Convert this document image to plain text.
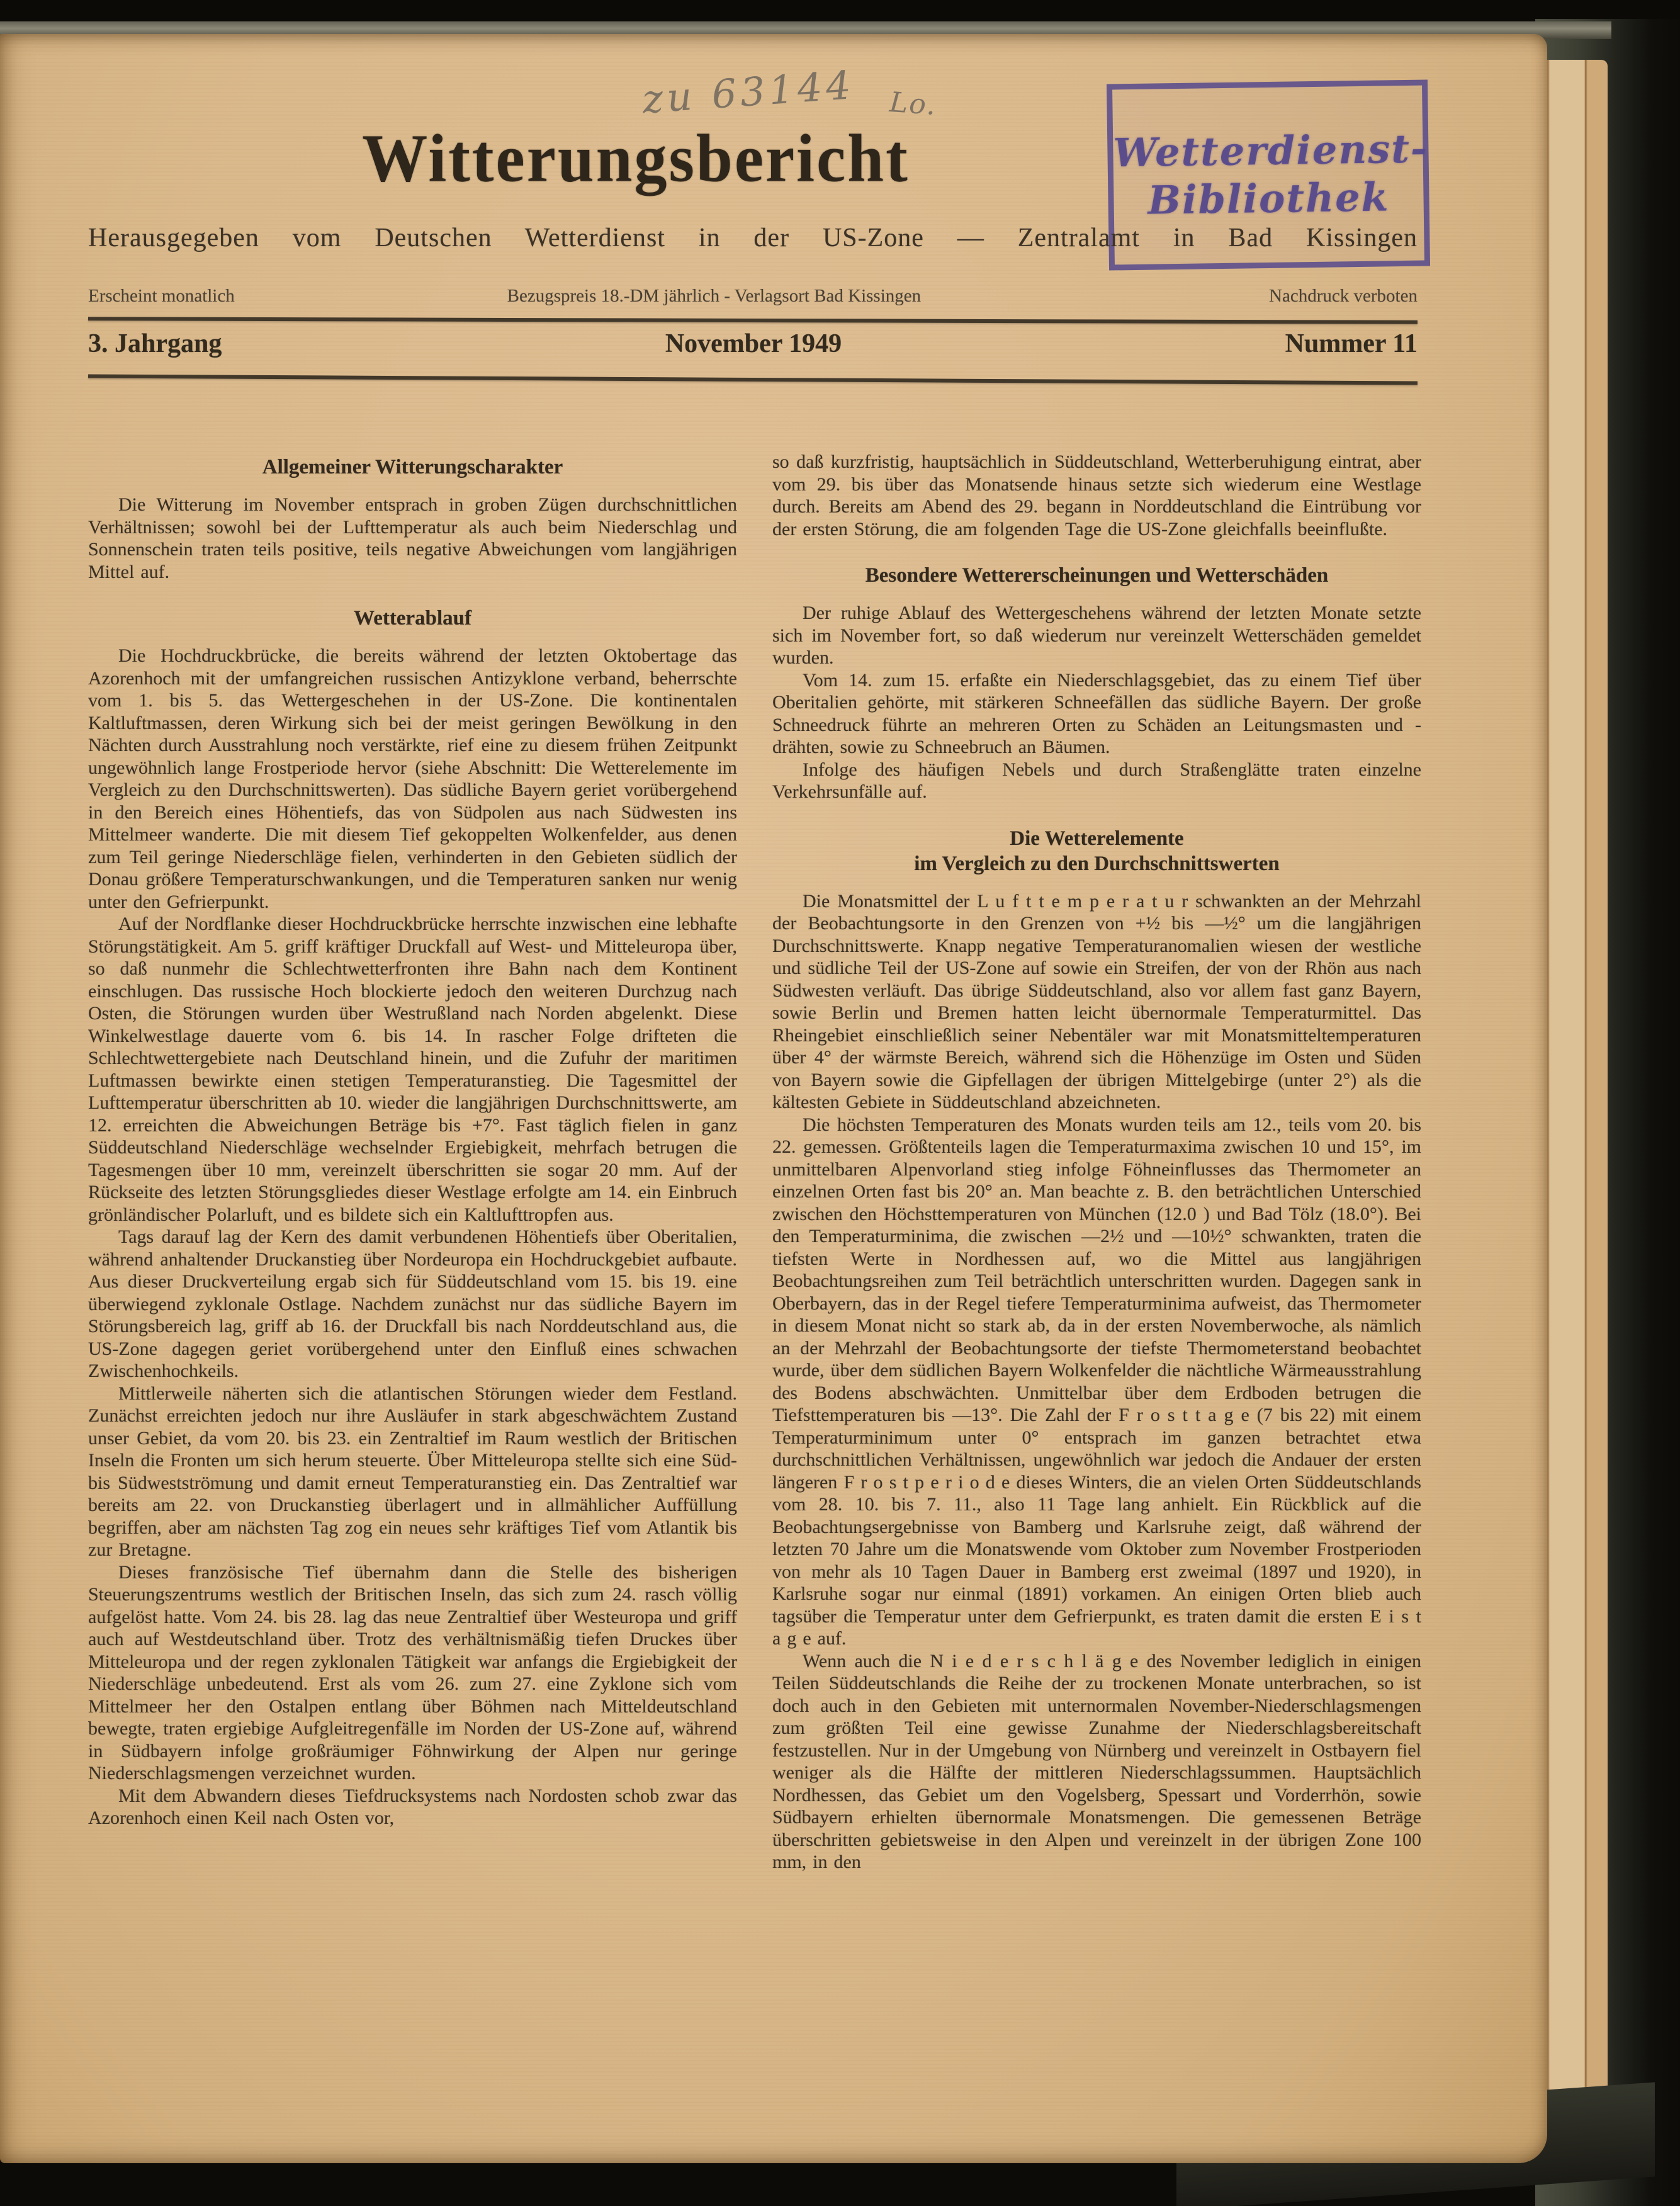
zu 63144 Lo.
Witterungsbericht	Wetterdienst-
Bibliothek
Herausgegeben vom Deutschen Wetterdienst in der US-Zone — Zentralamt in Bad Kissingen
Erscheint monatlich	Bezugspreis 18.-DM jährlich - Verlagsort Bad Kissingen	Nachdruck verboten
3. Jahrgang	November 1949	Nummer 11
Allgemeiner Witterungscharakter

Die Witterung im November entsprach in groben Zügen durchschnittlichen Verhältnissen; sowohl bei der Lufttemperatur als auch beim Niederschlag und Sonnenschein traten teils positive, teils negative Abweichungen vom langjährigen Mittel auf.

Wetterablauf

Die Hochdruckbrücke, die bereits während der letzten Oktobertage das Azorenhoch mit der umfangreichen russischen Antizyklone verband, beherrschte vom 1. bis 5. das Wettergeschehen in der US-Zone. Die kontinentalen Kaltluftmassen, deren Wirkung sich bei der meist geringen Bewölkung in den Nächten durch Ausstrahlung noch verstärkte, rief eine zu diesem frühen Zeitpunkt ungewöhnlich lange Frostperiode hervor (siehe Abschnitt: Die Wetterelemente im Vergleich zu den Durchschnittswerten). Das südliche Bayern geriet vorübergehend in den Bereich eines Höhentiefs, das von Südpolen aus nach Südwesten ins Mittelmeer wanderte. Die mit diesem Tief gekoppelten Wolkenfelder, aus denen zum Teil geringe Niederschläge fielen, verhinderten in den Gebieten südlich der Donau größere Temperaturschwankungen, und die Temperaturen sanken nur wenig unter den Gefrierpunkt.

Auf der Nordflanke dieser Hochdruckbrücke herrschte inzwischen eine lebhafte Störungstätigkeit. Am 5. griff kräftiger Druckfall auf West- und Mitteleuropa über, so daß nunmehr die Schlechtwetterfronten ihre Bahn nach dem Kontinent einschlugen. Das russische Hoch blockierte jedoch den weiteren Durchzug nach Osten, die Störungen wurden über Westrußland nach Norden abgelenkt. Diese Winkelwestlage dauerte vom 6. bis 14. In rascher Folge drifteten die Schlechtwettergebiete nach Deutschland hinein, und die Zufuhr der maritimen Luftmassen bewirkte einen stetigen Temperaturanstieg. Die Tagesmittel der Lufttemperatur überschritten ab 10. wieder die langjährigen Durchschnittswerte, am 12. erreichten die Abweichungen Beträge bis +7°. Fast täglich fielen in ganz Süddeutschland Niederschläge wechselnder Ergiebigkeit, mehrfach betrugen die Tagesmengen über 10 mm, vereinzelt überschritten sie sogar 20 mm. Auf der Rückseite des letzten Störungsgliedes dieser Westlage erfolgte am 14. ein Einbruch grönländischer Polarluft, und es bildete sich ein Kaltlufttropfen aus.

Tags darauf lag der Kern des damit verbundenen Höhentiefs über Oberitalien, während anhaltender Druckanstieg über Nordeuropa ein Hochdruckgebiet aufbaute. Aus dieser Druckverteilung ergab sich für Süddeutschland vom 15. bis 19. eine überwiegend zyklonale Ostlage. Nachdem zunächst nur das südliche Bayern im Störungsbereich lag, griff ab 16. der Druckfall bis nach Norddeutschland aus, die US-Zone dagegen geriet vorübergehend unter den Einfluß eines schwachen Zwischenhochkeils.

Mittlerweile näherten sich die atlantischen Störungen wieder dem Festland. Zunächst erreichten jedoch nur ihre Ausläufer in stark abgeschwächtem Zustand unser Gebiet, da vom 20. bis 23. ein Zentraltief im Raum westlich der Britischen Inseln die Fronten um sich herum steuerte. Über Mitteleuropa stellte sich eine Süd- bis Südwestströmung und damit erneut Temperaturanstieg ein. Das Zentraltief war bereits am 22. von Druckanstieg überlagert und in allmählicher Auffüllung begriffen, aber am nächsten Tag zog ein neues sehr kräftiges Tief vom Atlantik bis zur Bretagne.

Dieses französische Tief übernahm dann die Stelle des bisherigen Steuerungszentrums westlich der Britischen Inseln, das sich zum 24. rasch völlig aufgelöst hatte. Vom 24. bis 28. lag das neue Zentraltief über Westeuropa und griff auch auf Westdeutschland über. Trotz des verhältnismäßig tiefen Druckes über Mitteleuropa und der regen zyklonalen Tätigkeit war anfangs die Ergiebigkeit der Niederschläge unbedeutend. Erst als vom 26. zum 27. eine Zyklone sich vom Mittelmeer her den Ostalpen entlang über Böhmen nach Mitteldeutschland bewegte, traten ergiebige Aufgleitregenfälle im Norden der US-Zone auf, während in Südbayern infolge großräumiger Föhnwirkung der Alpen nur geringe Niederschlagsmengen verzeichnet wurden.

Mit dem Abwandern dieses Tiefdrucksystems nach Nordosten schob zwar das Azorenhoch einen Keil nach Osten vor,

so daß kurzfristig, hauptsächlich in Süddeutschland, Wetterberuhigung eintrat, aber vom 29. bis über das Monatsende hinaus setzte sich wiederum eine Westlage durch. Bereits am Abend des 29. begann in Norddeutschland die Eintrübung vor der ersten Störung, die am folgenden Tage die US-Zone gleichfalls beeinflußte.

Besondere Wettererscheinungen und Wetterschäden

Der ruhige Ablauf des Wettergeschehens während der letzten Monate setzte sich im November fort, so daß wiederum nur vereinzelt Wetterschäden gemeldet wurden.

Vom 14. zum 15. erfaßte ein Niederschlagsgebiet, das zu einem Tief über Oberitalien gehörte, mit stärkeren Schneefällen das südliche Bayern. Der große Schneedruck führte an mehreren Orten zu Schäden an Leitungsmasten und -drähten, sowie zu Schneebruch an Bäumen.

Infolge des häufigen Nebels und durch Straßenglätte traten einzelne Verkehrsunfälle auf.

Die Wetterelemente
im Vergleich zu den Durchschnittswerten

Die Monatsmittel der L u f t t e m p e r a t u r schwankten an der Mehrzahl der Beobachtungsorte in den Grenzen von +½ bis —½° um die langjährigen Durchschnittswerte. Knapp negative Temperaturanomalien wiesen der westliche und südliche Teil der US-Zone auf sowie ein Streifen, der von der Rhön aus nach Südwesten verläuft. Das übrige Süddeutschland, also vor allem fast ganz Bayern, sowie Berlin und Bremen hatten leicht übernormale Temperaturmittel. Das Rheingebiet einschließlich seiner Nebentäler war mit Monatsmitteltemperaturen über 4° der wärmste Bereich, während sich die Höhenzüge im Osten und Süden von Bayern sowie die Gipfellagen der übrigen Mittelgebirge (unter 2°) als die kältesten Gebiete in Süddeutschland abzeichneten.

Die höchsten Temperaturen des Monats wurden teils am 12., teils vom 20. bis 22. gemessen. Größtenteils lagen die Temperaturmaxima zwischen 10 und 15°, im unmittelbaren Alpenvorland stieg infolge Föhneinflusses das Thermometer an einzelnen Orten fast bis 20° an. Man beachte z. B. den beträchtlichen Unterschied zwischen den Höchsttemperaturen von München (12.0 ) und Bad Tölz (18.0°). Bei den Temperaturminima, die zwischen —2½ und —10½° schwankten, traten die tiefsten Werte in Nordhessen auf, wo die Mittel aus langjährigen Beobachtungsreihen zum Teil beträchtlich unterschritten wurden. Dagegen sank in Oberbayern, das in der Regel tiefere Temperaturminima aufweist, das Thermometer in diesem Monat nicht so stark ab, da in der ersten Novemberwoche, als nämlich an der Mehrzahl der Beobachtungsorte der tiefste Thermometerstand beobachtet wurde, über dem südlichen Bayern Wolkenfelder die nächtliche Wärmeausstrahlung des Bodens abschwächten. Unmittelbar über dem Erdboden betrugen die Tiefsttemperaturen bis —13°. Die Zahl der F r o s t t a g e (7 bis 22) mit einem Temperaturminimum unter 0° entsprach im ganzen betrachtet etwa durchschnittlichen Verhältnissen, ungewöhnlich war jedoch die Andauer der ersten längeren F r o s t p e r i o d e dieses Winters, die an vielen Orten Süddeutschlands vom 28. 10. bis 7. 11., also 11 Tage lang anhielt. Ein Rückblick auf die Beobachtungsergebnisse von Bamberg und Karlsruhe zeigt, daß während der letzten 70 Jahre um die Monatswende vom Oktober zum November Frostperioden von mehr als 10 Tagen Dauer in Bamberg erst zweimal (1897 und 1920), in Karlsruhe sogar nur einmal (1891) vorkamen. An einigen Orten blieb auch tagsüber die Temperatur unter dem Gefrierpunkt, es traten damit die ersten E i s t a g e auf.

Wenn auch die N i e d e r s c h l ä g e des November lediglich in einigen Teilen Süddeutschlands die Reihe der zu trockenen Monate unterbrachen, so ist doch auch in den Gebieten mit unternormalen November-Niederschlagsmengen zum größten Teil eine gewisse Zunahme der Niederschlagsbereitschaft festzustellen. Nur in der Umgebung von Nürnberg und vereinzelt in Ostbayern fiel weniger als die Hälfte der mittleren Niederschlagssummen. Hauptsächlich Nordhessen, das Gebiet um den Vogelsberg, Spessart und Vorderrhön, sowie Südbayern erhielten übernormale Monatsmengen. Die gemessenen Beträge überschritten gebietsweise in den Alpen und vereinzelt in der übrigen Zone 100 mm, in den
